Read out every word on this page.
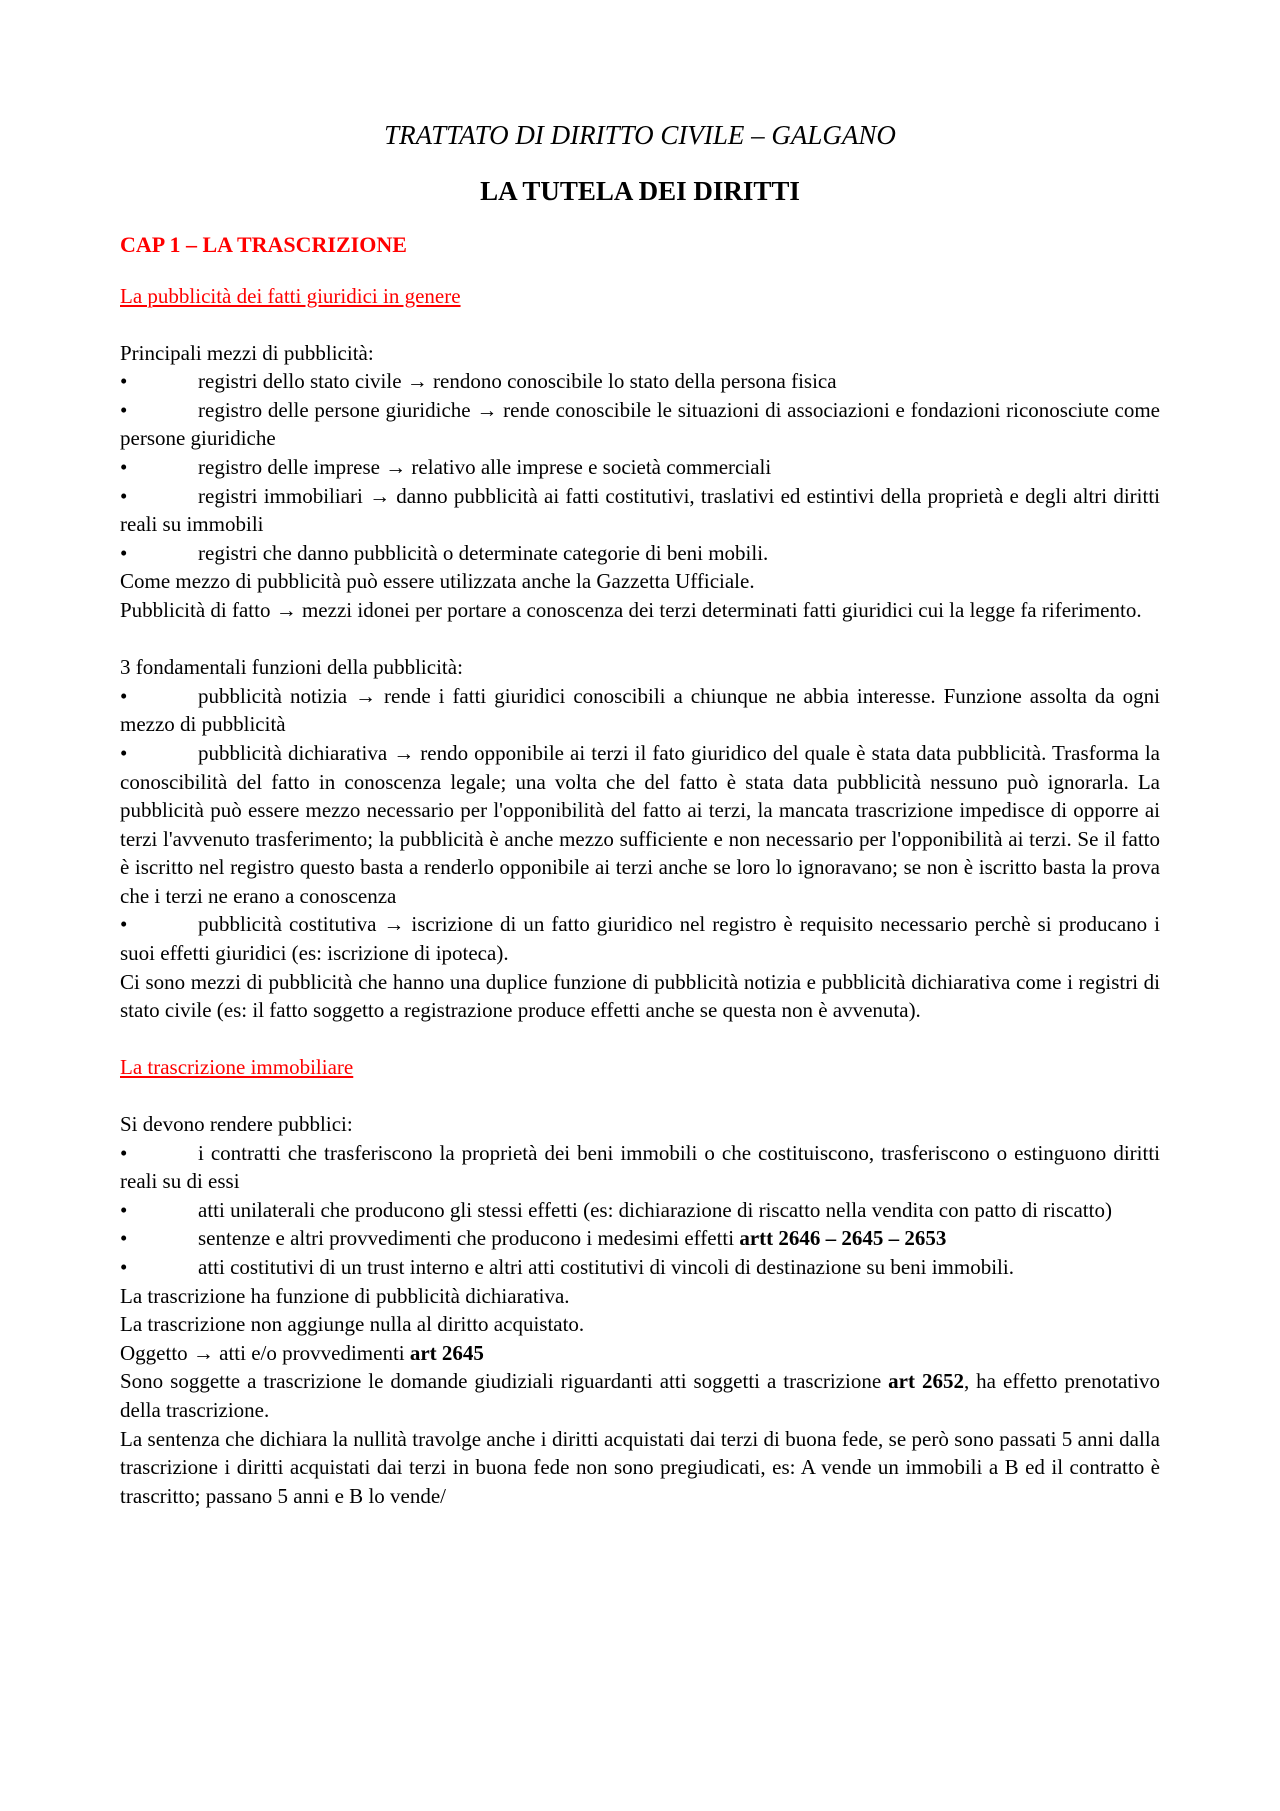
TRATTATO DI DIRITTO CIVILE – GALGANO
LA TUTELA DEI DIRITTI
CAP 1 – LA TRASCRIZIONE
La pubblicità dei fatti giuridici in genere

Principali mezzi di pubblicità:

•	registri dello stato civile → rendono conoscibile lo stato della persona fisica
•	registro delle persone giuridiche → rende conoscibile le situazioni di associazioni e fondazioni riconosciute come persone giuridiche
•	registro delle imprese → relativo alle imprese e società commerciali
•	registri immobiliari → danno pubblicità ai fatti costitutivi, traslativi ed estintivi della proprietà e degli altri diritti reali su immobili
•	registri che danno pubblicità o determinate categorie di beni mobili.

Come mezzo di pubblicità può essere utilizzata anche la Gazzetta Ufficiale.

Pubblicità di fatto → mezzi idonei per portare a conoscenza dei terzi determinati fatti giuridici cui la legge fa riferimento.

3 fondamentali funzioni della pubblicità:

•	pubblicità notizia → rende i fatti giuridici conoscibili a chiunque ne abbia interesse. Funzione assolta da ogni mezzo di pubblicità
•	pubblicità dichiarativa → rendo opponibile ai terzi il fato giuridico del quale è stata data pubblicità. Trasforma la conoscibilità del fatto in conoscenza legale; una volta che del fatto è stata data pubblicità nessuno può ignorarla. La pubblicità può essere mezzo necessario per l'opponibilità del fatto ai terzi, la mancata trascrizione impedisce di opporre ai terzi l'avvenuto trasferimento; la pubblicità è anche mezzo sufficiente e non necessario per l'opponibilità ai terzi. Se il fatto è iscritto nel registro questo basta a renderlo opponibile ai terzi anche se loro lo ignoravano; se non è iscritto basta la prova che i terzi ne erano a conoscenza
•	pubblicità costitutiva → iscrizione di un fatto giuridico nel registro è requisito necessario perchè si producano i suoi effetti giuridici (es: iscrizione di ipoteca).

Ci sono mezzi di pubblicità che hanno una duplice funzione di pubblicità notizia e pubblicità dichiarativa come i registri di stato civile (es: il fatto soggetto a registrazione produce effetti anche se questa non è avvenuta).

La trascrizione immobiliare

Si devono rendere pubblici:

•	i contratti che trasferiscono la proprietà dei beni immobili o che costituiscono, trasferiscono o estinguono diritti reali su di essi
•	atti unilaterali che producono gli stessi effetti (es: dichiarazione di riscatto nella vendita con patto di riscatto)
•	sentenze e altri provvedimenti che producono i medesimi effetti artt 2646 – 2645 – 2653
•	atti costitutivi di un trust interno e altri atti costitutivi di vincoli di destinazione su beni immobili.

La trascrizione ha funzione di pubblicità dichiarativa.

La trascrizione non aggiunge nulla al diritto acquistato.

Oggetto → atti e/o provvedimenti art 2645

Sono soggette a trascrizione le domande giudiziali riguardanti atti soggetti a trascrizione art 2652, ha effetto prenotativo della trascrizione.

La sentenza che dichiara la nullità travolge anche i diritti acquistati dai terzi di buona fede, se però sono passati 5 anni dalla trascrizione i diritti acquistati dai terzi in buona fede non sono pregiudicati, es: A vende un immobili a B ed il contratto è trascritto; passano 5 anni e B lo vende/
